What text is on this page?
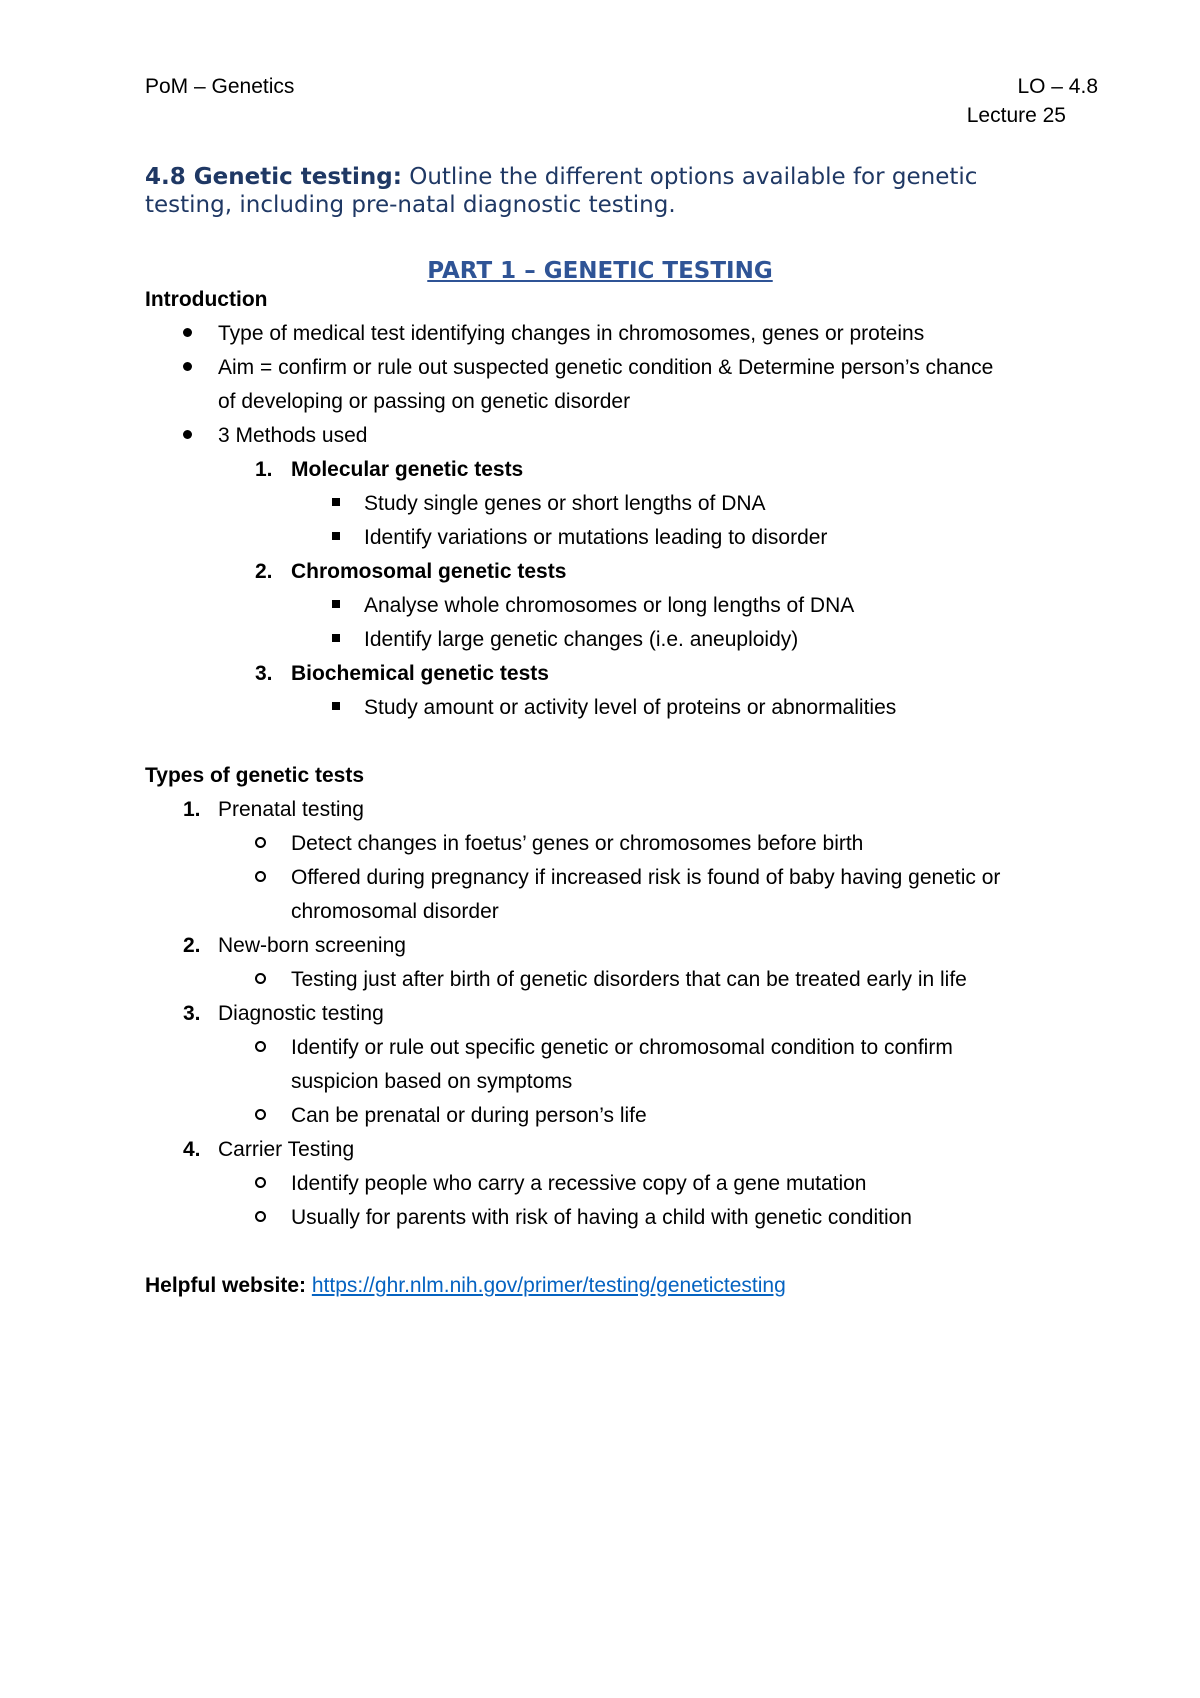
PoM – Genetics	LO – 4.8
Lecture 25
4.8 Genetic testing: Outline the different options available for genetic testing, including pre-natal diagnostic testing.
PART 1 – GENETIC TESTING
Introduction
Type of medical test identifying changes in chromosomes, genes or proteins
Aim = confirm or rule out suspected genetic condition & Determine person’s chance
of developing or passing on genetic disorder
3 Methods used
1. Molecular genetic tests
Study single genes or short lengths of DNA
Identify variations or mutations leading to disorder
2. Chromosomal genetic tests
Analyse whole chromosomes or long lengths of DNA
Identify large genetic changes (i.e. aneuploidy)
3. Biochemical genetic tests
Study amount or activity level of proteins or abnormalities
Types of genetic tests
1. Prenatal testing
Detect changes in foetus’ genes or chromosomes before birth
Offered during pregnancy if increased risk is found of baby having genetic or
chromosomal disorder
2. New-born screening
Testing just after birth of genetic disorders that can be treated early in life
3. Diagnostic testing
Identify or rule out specific genetic or chromosomal condition to confirm
suspicion based on symptoms
Can be prenatal or during person’s life
4. Carrier Testing
Identify people who carry a recessive copy of a gene mutation
Usually for parents with risk of having a child with genetic condition
Helpful website: https://ghr.nlm.nih.gov/primer/testing/genetictesting
